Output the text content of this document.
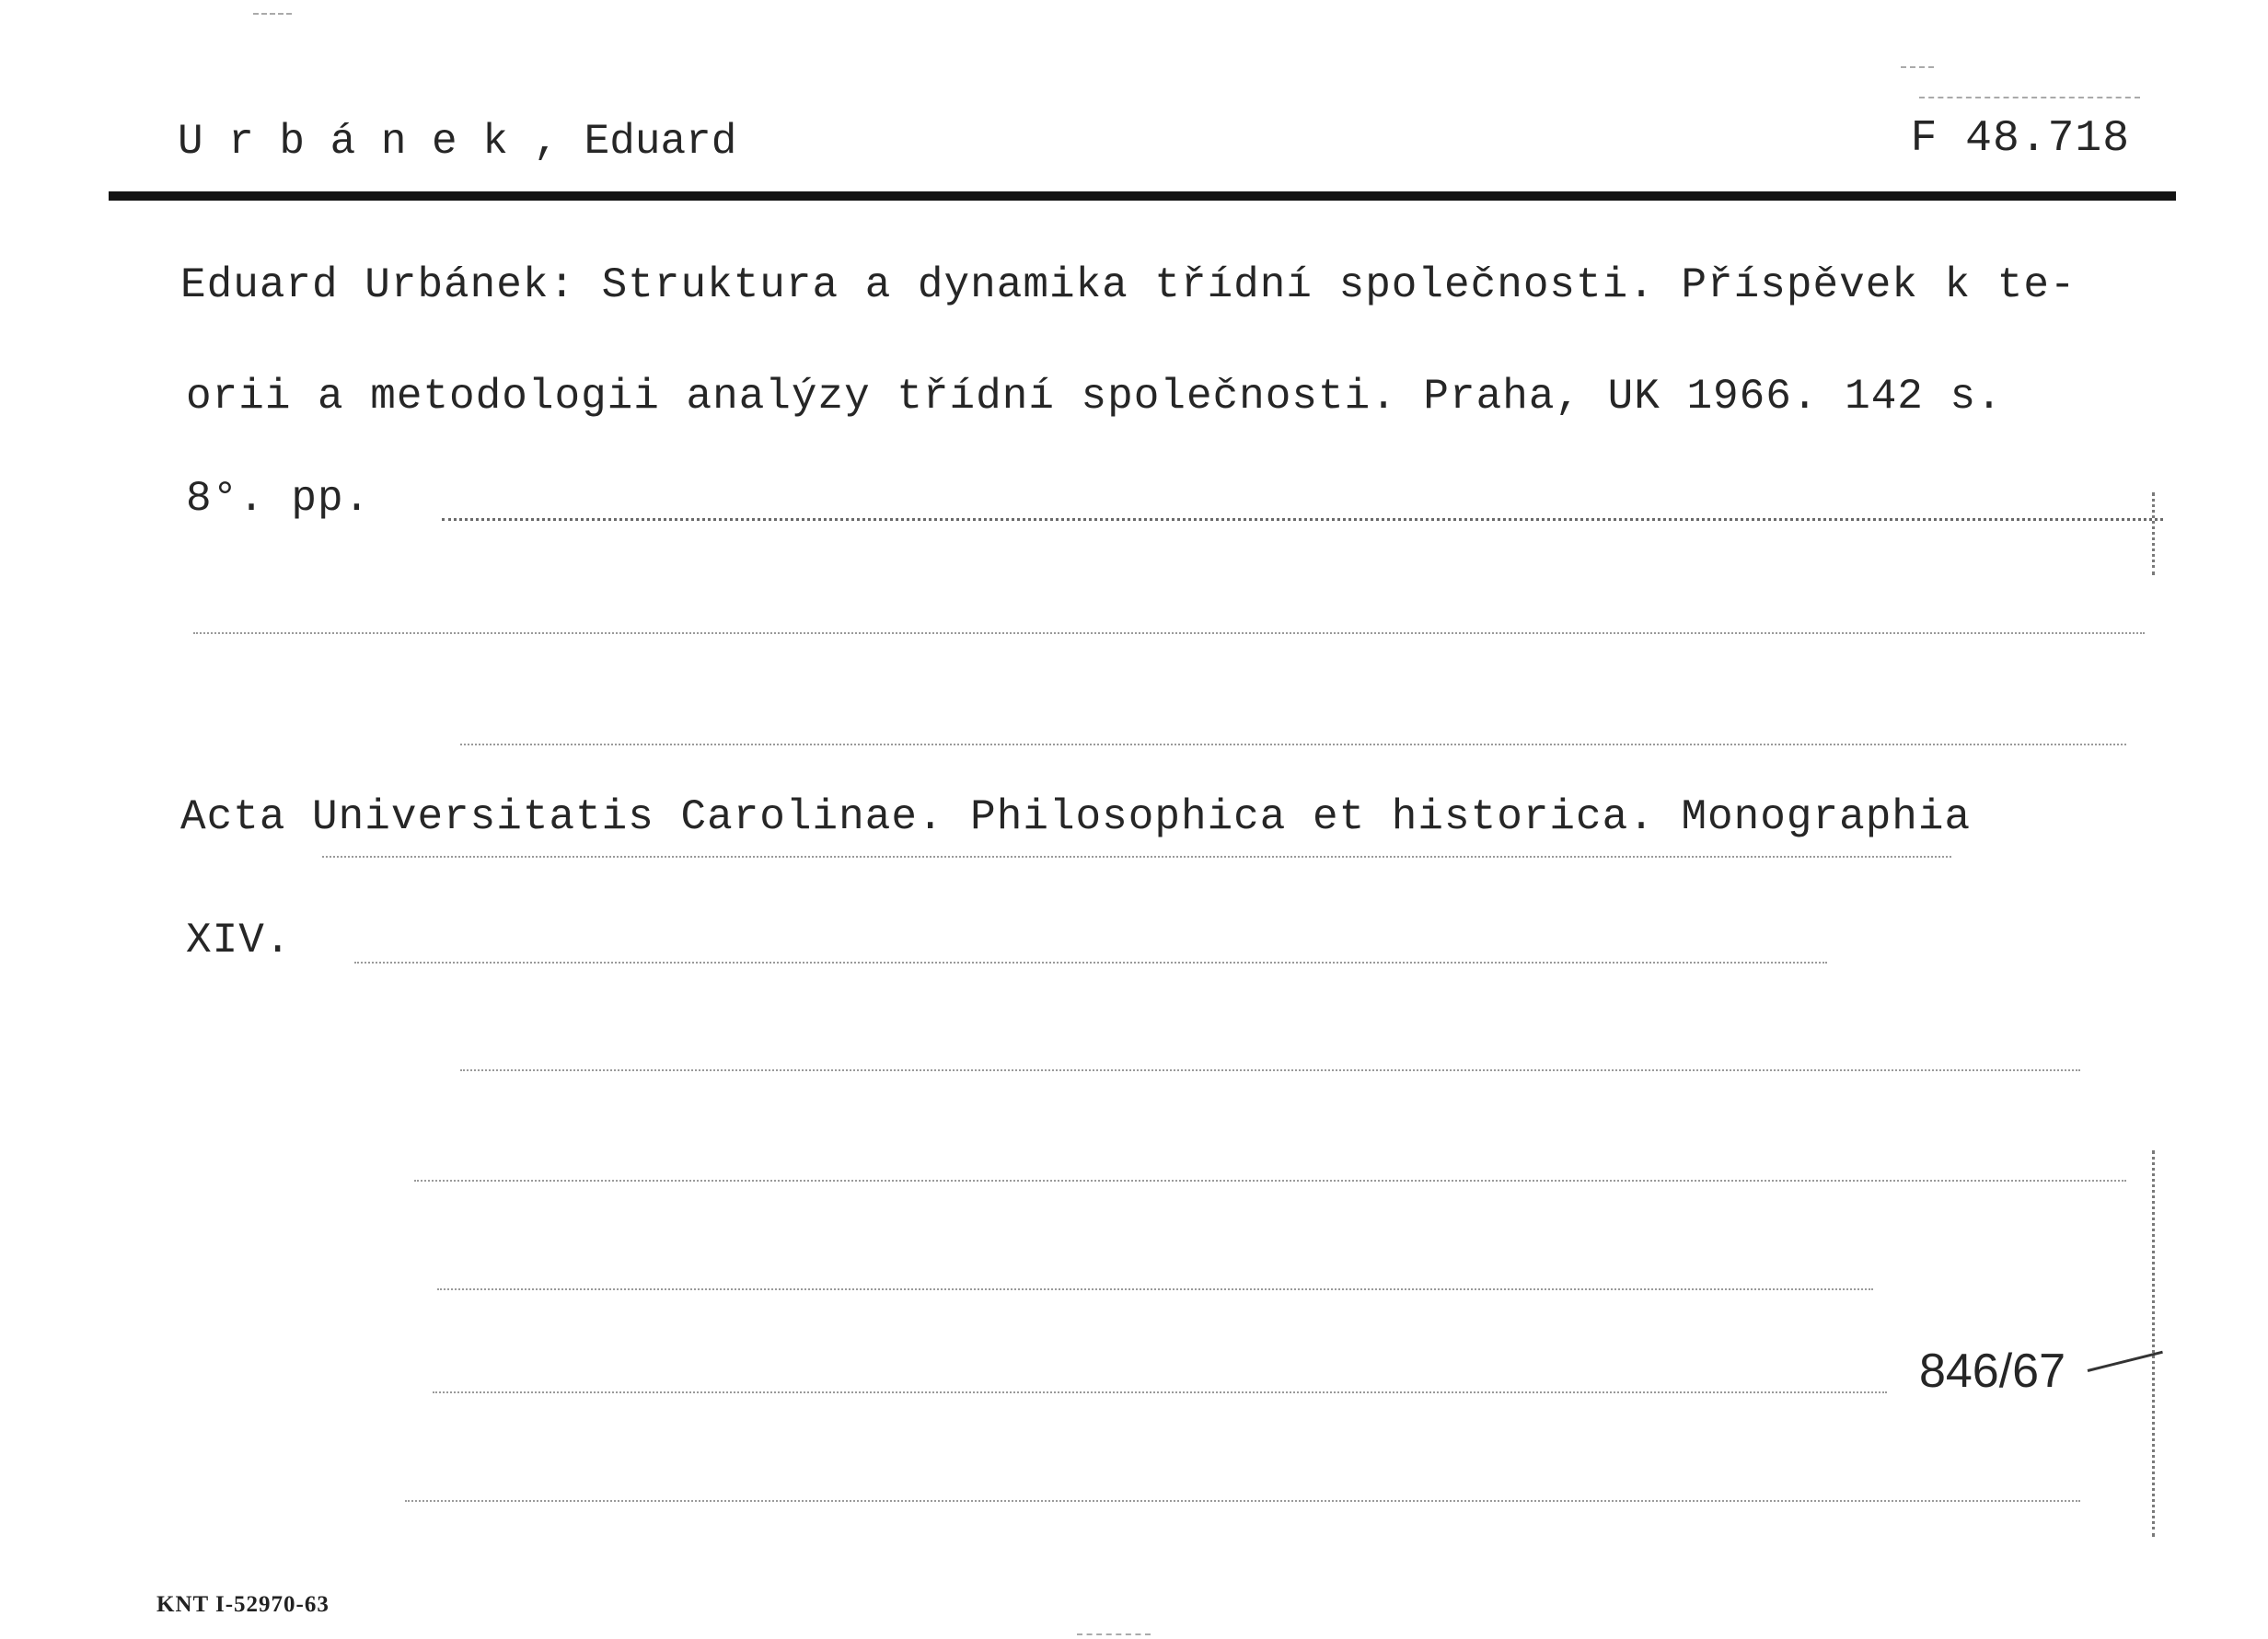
U r b á n e k , Eduard	F 48.718
Eduard Urbánek: Struktura a dynamika třídní společnosti. Příspěvek k te-
orii a metodologii analýzy třídní společnosti. Praha, UK 1966. 142 s.
8°. pp.
Acta Universitatis Carolinae. Philosophica et historica. Monographia
XIV.
846/67
KNT I-52970-63
